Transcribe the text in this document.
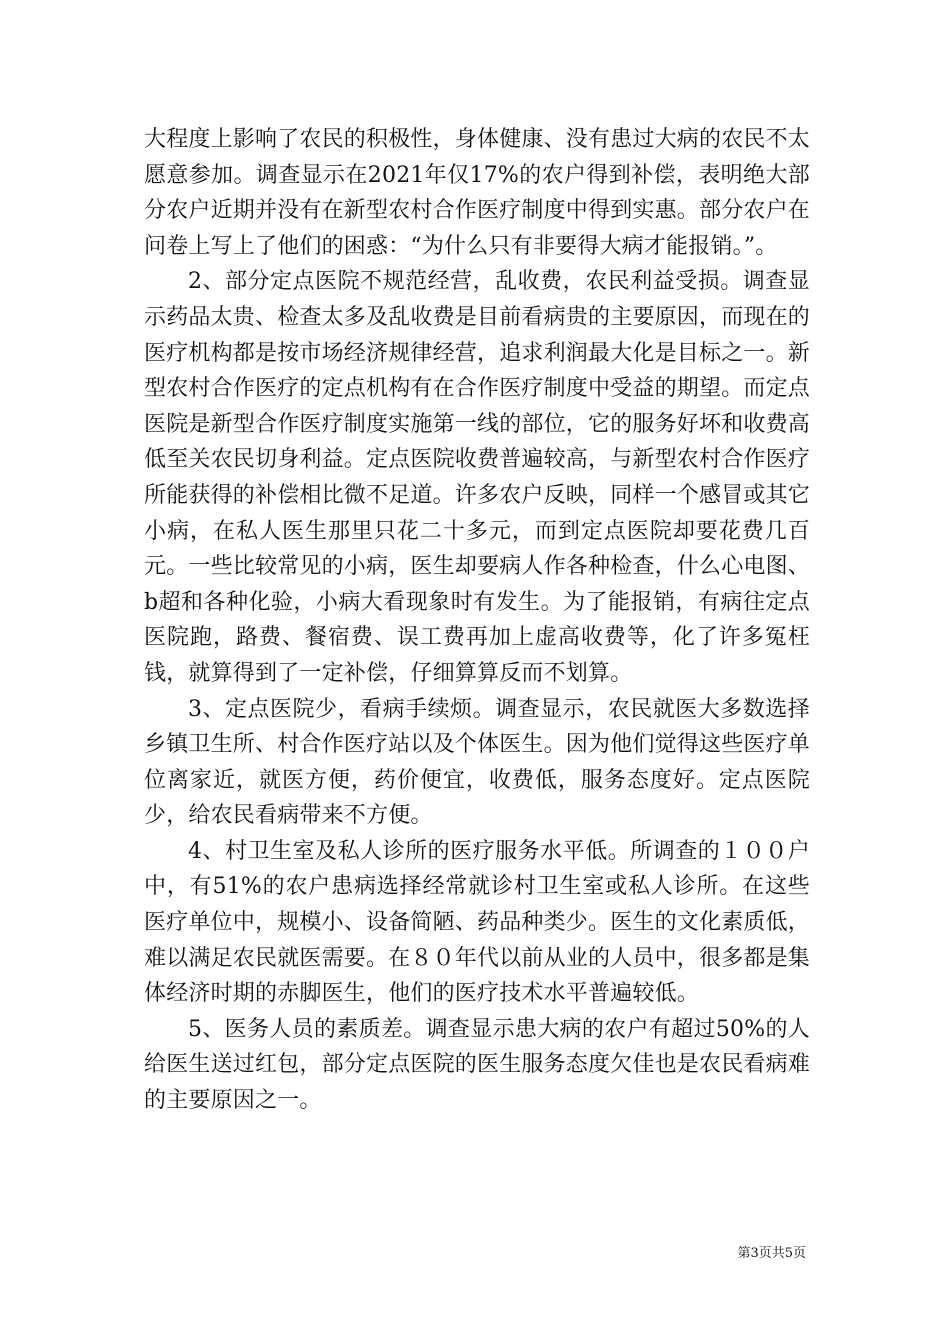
大程度上影响了农民的积极性，身体健康、没有患过大病的农民不太愿意参加。调查显示在2021年仅17%的农户得到补偿，表明绝大部分农户近期并没有在新型农村合作医疗制度中得到实惠。部分农户在问卷上写上了他们的困惑：“为什么只有非要得大病才能报销。”。

2、部分定点医院不规范经营，乱收费，农民利益受损。调查显示药品太贵、检查太多及乱收费是目前看病贵的主要原因，而现在的医疗机构都是按市场经济规律经营，追求利润最大化是目标之一。新型农村合作医疗的定点机构有在合作医疗制度中受益的期望。而定点医院是新型合作医疗制度实施第一线的部位，它的服务好坏和收费高低至关农民切身利益。定点医院收费普遍较高，与新型农村合作医疗所能获得的补偿相比微不足道。许多农户反映，同样一个感冒或其它小病，在私人医生那里只花二十多元，而到定点医院却要花费几百元。一些比较常见的小病，医生却要病人作各种检查，什么心电图、b超和各种化验，小病大看现象时有发生。为了能报销，有病往定点医院跑，路费、餐宿费、误工费再加上虚高收费等，化了许多冤枉钱，就算得到了一定补偿，仔细算算反而不划算。

3、定点医院少，看病手续烦。调查显示，农民就医大多数选择乡镇卫生所、村合作医疗站以及个体医生。因为他们觉得这些医疗单位离家近，就医方便，药价便宜，收费低，服务态度好。定点医院少，给农民看病带来不方便。

4、村卫生室及私人诊所的医疗服务水平低。所调查的１００户中，有51%的农户患病选择经常就诊村卫生室或私人诊所。在这些医疗单位中，规模小、设备简陋、药品种类少。医生的文化素质低，难以满足农民就医需要。在８０年代以前从业的人员中，很多都是集体经济时期的赤脚医生，他们的医疗技术水平普遍较低。

5、医务人员的素质差。调查显示患大病的农户有超过50%的人给医生送过红包，部分定点医院的医生服务态度欠佳也是农民看病难的主要原因之一。

第3页共5页
